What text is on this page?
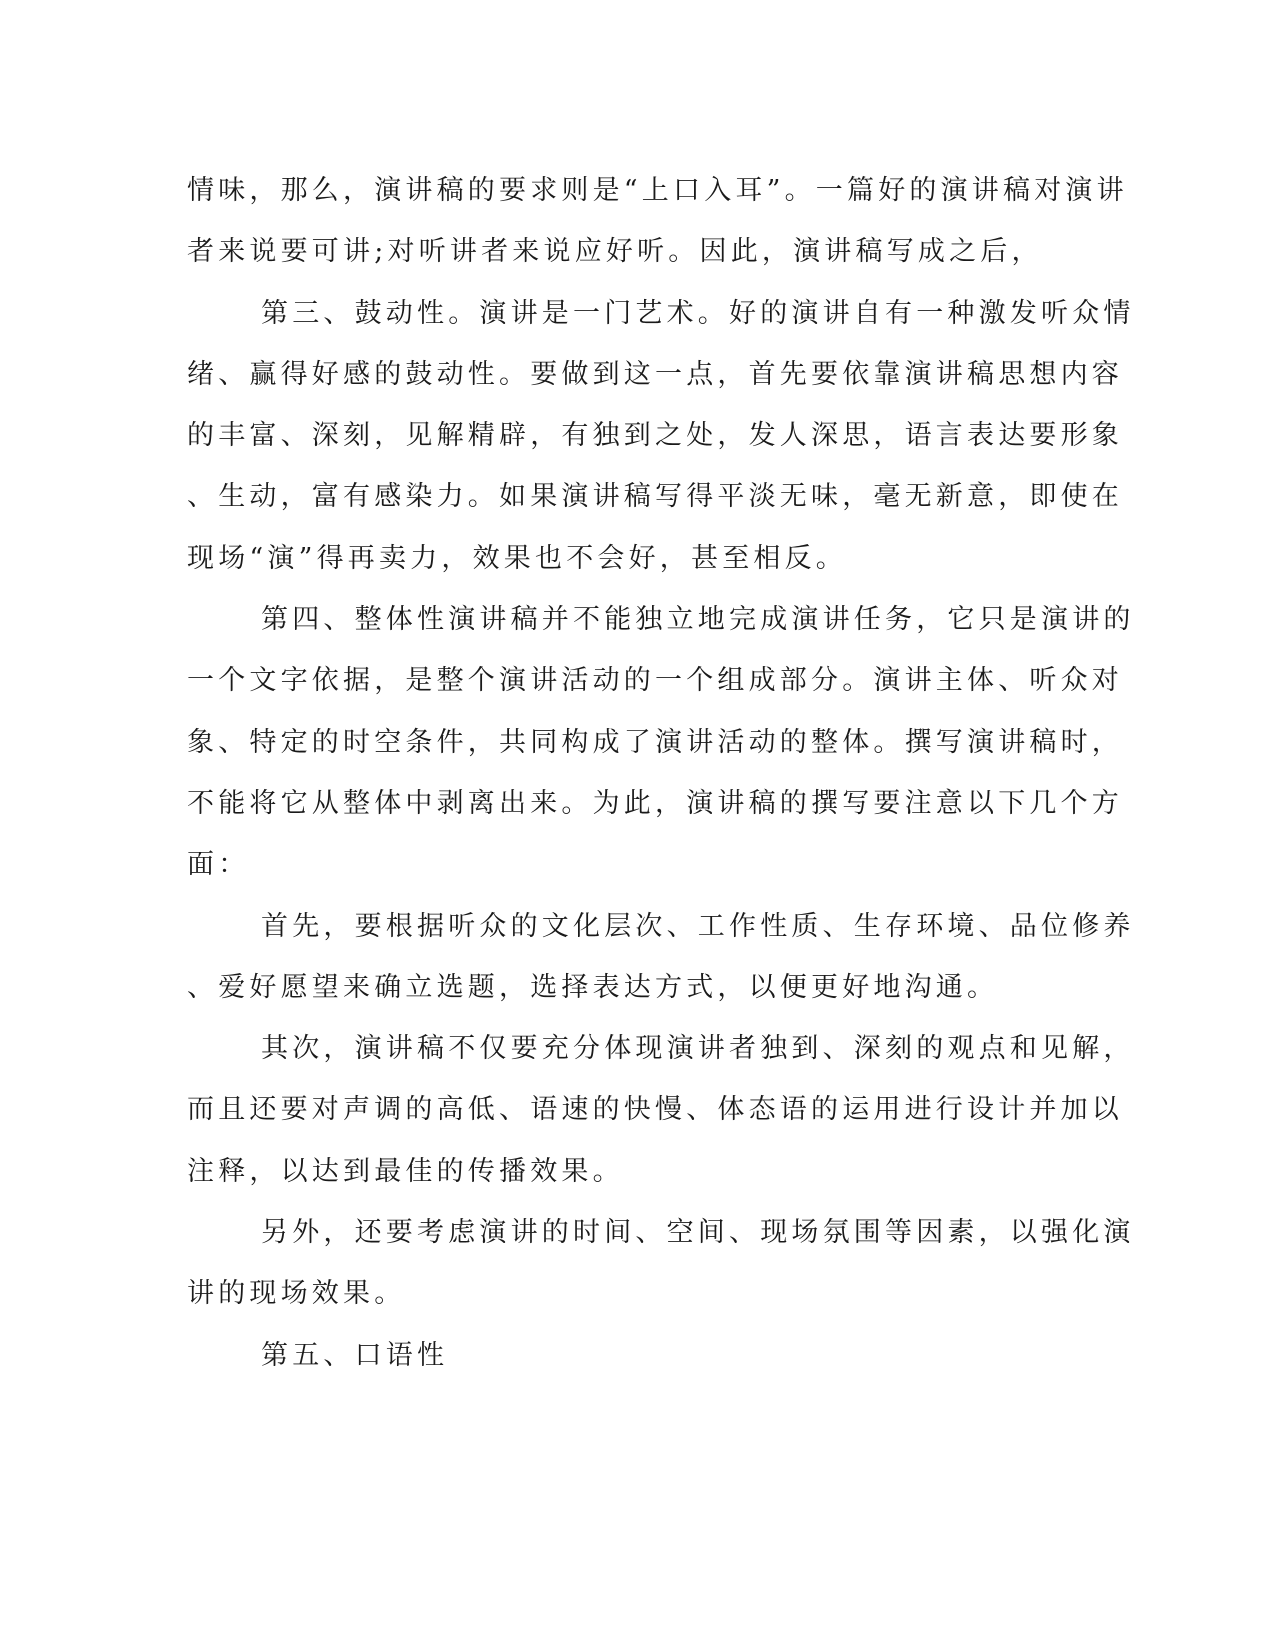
情味，那么，演讲稿的要求则是“上口入耳”。一篇好的演讲稿对演讲
者来说要可讲;对听讲者来说应好听。因此，演讲稿写成之后，
第三、鼓动性。演讲是一门艺术。好的演讲自有一种激发听众情
绪、赢得好感的鼓动性。要做到这一点，首先要依靠演讲稿思想内容
的丰富、深刻，见解精辟，有独到之处，发人深思，语言表达要形象
、生动，富有感染力。如果演讲稿写得平淡无味，毫无新意，即使在
现场“演”得再卖力，效果也不会好，甚至相反。
第四、整体性演讲稿并不能独立地完成演讲任务，它只是演讲的
一个文字依据，是整个演讲活动的一个组成部分。演讲主体、听众对
象、特定的时空条件，共同构成了演讲活动的整体。撰写演讲稿时，
不能将它从整体中剥离出来。为此，演讲稿的撰写要注意以下几个方
面：
首先，要根据听众的文化层次、工作性质、生存环境、品位修养
、爱好愿望来确立选题，选择表达方式，以便更好地沟通。
其次，演讲稿不仅要充分体现演讲者独到、深刻的观点和见解，
而且还要对声调的高低、语速的快慢、体态语的运用进行设计并加以
注释，以达到最佳的传播效果。
另外，还要考虑演讲的时间、空间、现场氛围等因素，以强化演
讲的现场效果。
第五、口语性
